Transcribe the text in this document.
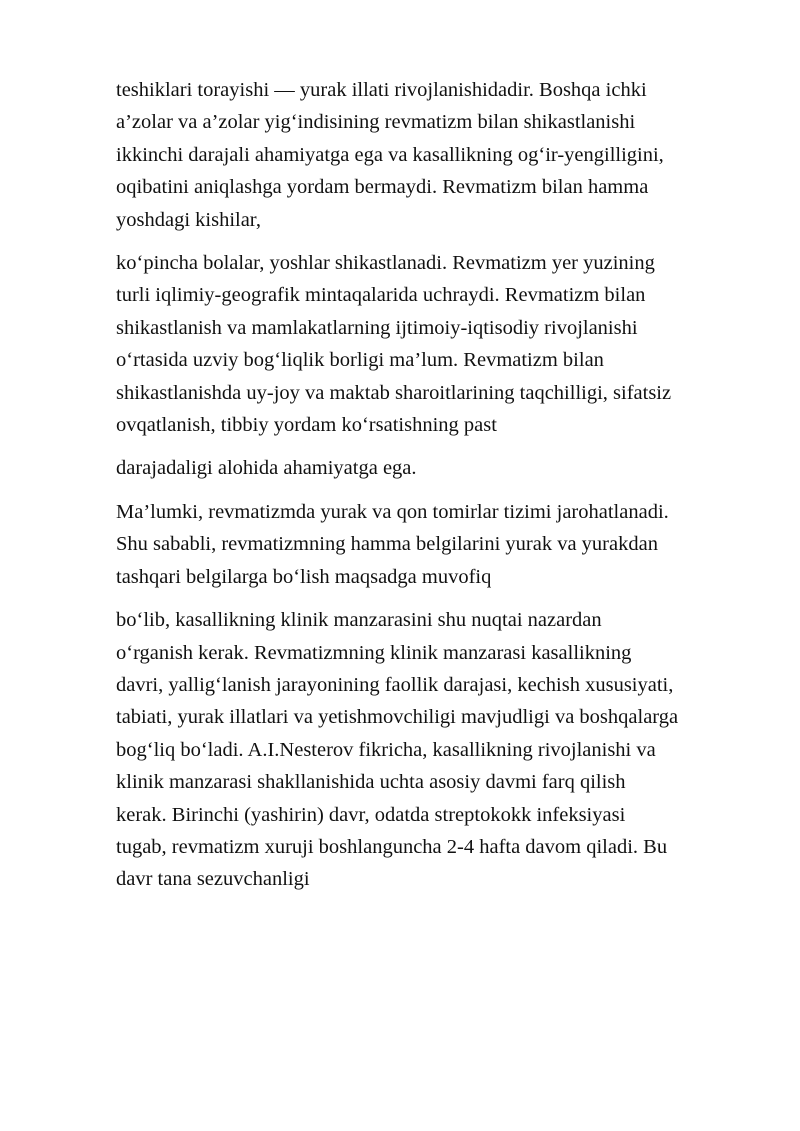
teshiklari torayishi — yurak illati rivojlanishidadir. Boshqa ichki
a’zolar va a’zolar yig‘indisining revmatizm bilan shikastlanishi
ikkinchi darajali ahamiyatga ega va kasallikning og‘ir-yengilligini,
oqibatini aniqlashga yordam bermaydi. Revmatizm bilan hamma
yoshdagi kishilar,

ko‘pincha bolalar, yoshlar shikastlanadi. Revmatizm yer yuzining
turli iqlimiy-geografik mintaqalarida uchraydi. Revmatizm bilan
shikastlanish va mamlakatlarning ijtimoiy-iqtisodiy rivojlanishi
o‘rtasida uzviy bog‘liqlik borligi ma’lum. Revmatizm bilan
shikastlanishda uy-joy va maktab sharoitlarining taqchilligi, sifatsiz
ovqatlanish, tibbiy yordam ko‘rsatishning past

darajadaligi alohida ahamiyatga ega.

Ma’lumki, revmatizmda yurak va qon tomirlar tizimi jarohatlanadi.
Shu sababli, revmatizmning hamma belgilarini yurak va yurakdan
tashqari belgilarga bo‘lish maqsadga muvofiq

bo‘lib, kasallikning klinik manzarasini shu nuqtai nazardan
o‘rganish kerak. Revmatizmning klinik manzarasi kasallikning
davri, yallig‘lanish jarayonining faollik darajasi, kechish xususiyati,
tabiati, yurak illatlari va yetishmovchiligi mavjudligi va boshqalarga
bog‘liq bo‘ladi. A.I.Nesterov fikricha, kasallikning rivojlanishi va
klinik manzarasi shakllanishida uchta asosiy davmi farq qilish
kerak. Birinchi (yashirin) davr, odatda streptokokk infeksiyasi
tugab, revmatizm xuruji boshlanguncha 2-4 hafta davom qiladi. Bu
davr tana sezuvchanligi
